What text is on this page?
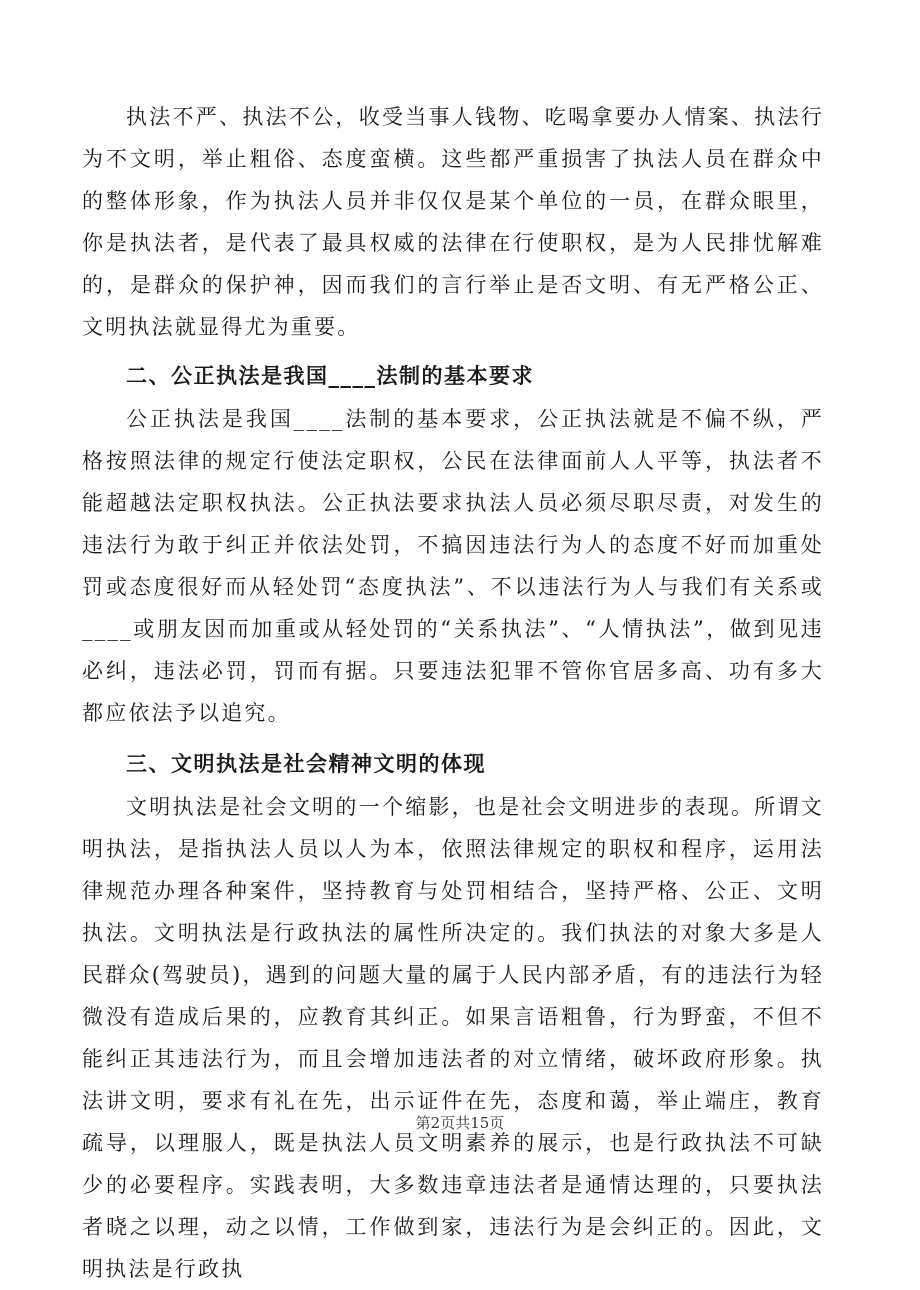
执法不严、执法不公，收受当事人钱物、吃喝拿要办人情案、执法行为不文明，举止粗俗、态度蛮横。这些都严重损害了执法人员在群众中的整体形象，作为执法人员并非仅仅是某个单位的一员，在群众眼里，你是执法者，是代表了最具权威的法律在行使职权，是为人民排忧解难的，是群众的保护神，因而我们的言行举止是否文明、有无严格公正、文明执法就显得尤为重要。

二、公正执法是我国____法制的基本要求

公正执法是我国____法制的基本要求，公正执法就是不偏不纵，严格按照法律的规定行使法定职权，公民在法律面前人人平等，执法者不能超越法定职权执法。公正执法要求执法人员必须尽职尽责，对发生的违法行为敢于纠正并依法处罚，不搞因违法行为人的态度不好而加重处罚或态度很好而从轻处罚“态度执法”、不以违法行为人与我们有关系或____或朋友因而加重或从轻处罚的“关系执法”、“人情执法”，做到见违必纠，违法必罚，罚而有据。只要违法犯罪不管你官居多高、功有多大都应依法予以追究。

三、文明执法是社会精神文明的体现

文明执法是社会文明的一个缩影，也是社会文明进步的表现。所谓文明执法，是指执法人员以人为本，依照法律规定的职权和程序，运用法律规范办理各种案件，坚持教育与处罚相结合，坚持严格、公正、文明执法。文明执法是行政执法的属性所决定的。我们执法的对象大多是人民群众(驾驶员)，遇到的问题大量的属于人民内部矛盾，有的违法行为轻微没有造成后果的，应教育其纠正。如果言语粗鲁，行为野蛮，不但不能纠正其违法行为，而且会增加违法者的对立情绪，破坏政府形象。执法讲文明，要求有礼在先，出示证件在先，态度和蔼，举止端庄，教育疏导，以理服人，既是执法人员文明素养的展示，也是行政执法不可缺少的必要程序。实践表明，大多数违章违法者是通情达理的，只要执法者晓之以理，动之以情，工作做到家，违法行为是会纠正的。因此，文明执法是行政执

第2页共15页
